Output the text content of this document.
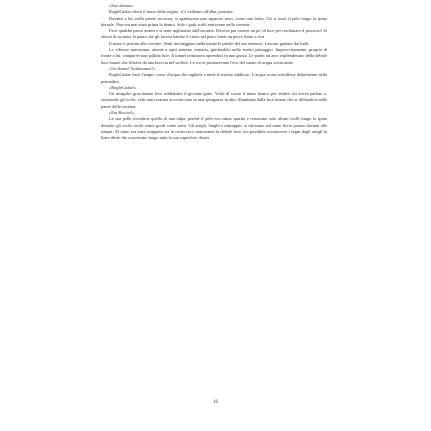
«Stai attento».

RogleCadue sfiorò il muso della regina. «Ci vediamo all'alba, promise.

Davanti a lui, nella parete rocciosa, si spalancava uno squarcio nero, come una ferita. Gli si rizzò il pelo lungo la spina dorsale. Non era mai stato prima là dentro. Solo i gatti scelti entravano nella caverna.

Fece qualche passo avanti e si sentì inghiottire dall'oscurità. Doveva pur essersi un po' di luce per rischiarare il percorso! Si sforzò di scrutare la paura che gli faceva battere il cuore nel petto come un pesce finito a riva.

Il muso è perfino alle caverne. Sentì rincheggiare nella mente le parole del suo mentore. Lasciati guidare dai baffi.

Le vibrisse tremavano, attente a ogni minimo contatto, guidandolo nello stretto passaggio. Improvvisamente, proprio di fronte a lui, comparve una pallida luce. Il tunnel terminava aprendosi in una grotta. Le pareti ad arco risplendevano della debole luce lunare che filtrava da una breccia nel soffitto. Le rocce producevano l'eco del suono di acqua scrosciante.

«Un fiume? Sotterraneo?»

RogleCadue fissò l'ampio corso d'acqua che tagliava a metà il terreno sabbioso. L'acqua scura scintillava debolmente nella penombra.

«RogleCadue!»

Un miagolio gracchiante fece sobbalzare il giovane gatto. Voltò di scatto il muso bianco per vedere chi aveva parlato e, strizzando gli occhi, vide una creatura accovacciata su una sporgenza in alto, illuminata dalla luce lunare che si diffondeva sulle pareti della caverna.

«Era Roccia!»

La sua pelle ricordava quella di una talpa, perché il pelo era ormai sparito e restavano solo alcuni ciuffi lungo la spina dorsale; gli occhi ciechi erano gonfi come uova. Gli artigli, lunghi e rattrappiti, si ritrovano sul ramo liscio posato davanti alle zampe. Al ramo era stata strappata via la corteccia e nonostante la debole luce, era possibile riconoscere i segni degli artigli in linee dritte che scorrevano lungo tutta la sua superficie chiara.

16
